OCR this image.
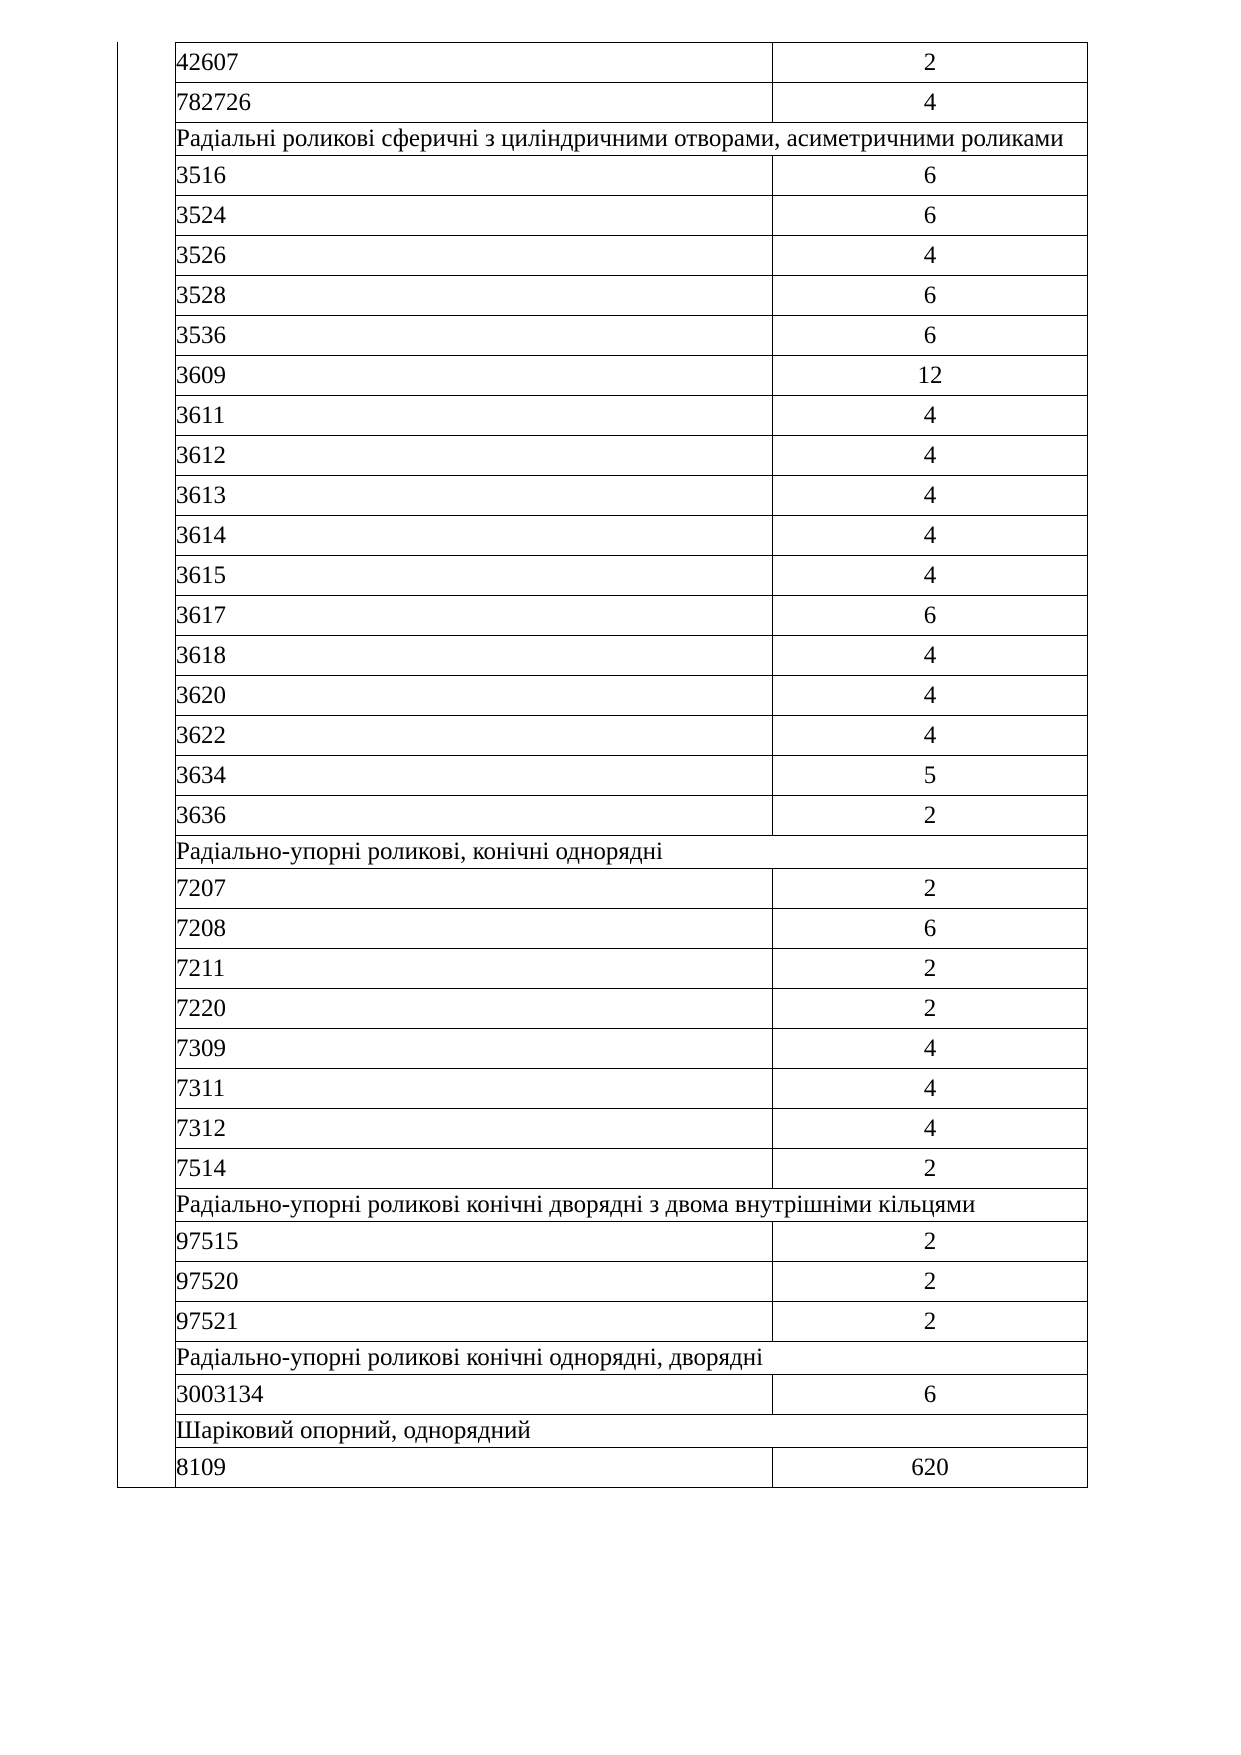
42607	2
782726	4
Радіальні роликові сферичні з циліндричними отворами, асиметричними роликами	
3516	6
3524	6
3526	4
3528	6
3536	6
3609	12
3611	4
3612	4
3613	4
3614	4
3615	4
3617	6
3618	4
3620	4
3622	4
3634	5
3636	2
Радіально-упорні роликові, конічні однорядні	
7207	2
7208	6
7211	2
7220	2
7309	4
7311	4
7312	4
7514	2
Радіально-упорні роликові конічні дворядні з двома внутрішніми кільцями	
97515	2
97520	2
97521	2
Радіально-упорні роликові конічні однорядні, дворядні	
3003134	6
Шаріковий опорний, однорядний	
8109	620
